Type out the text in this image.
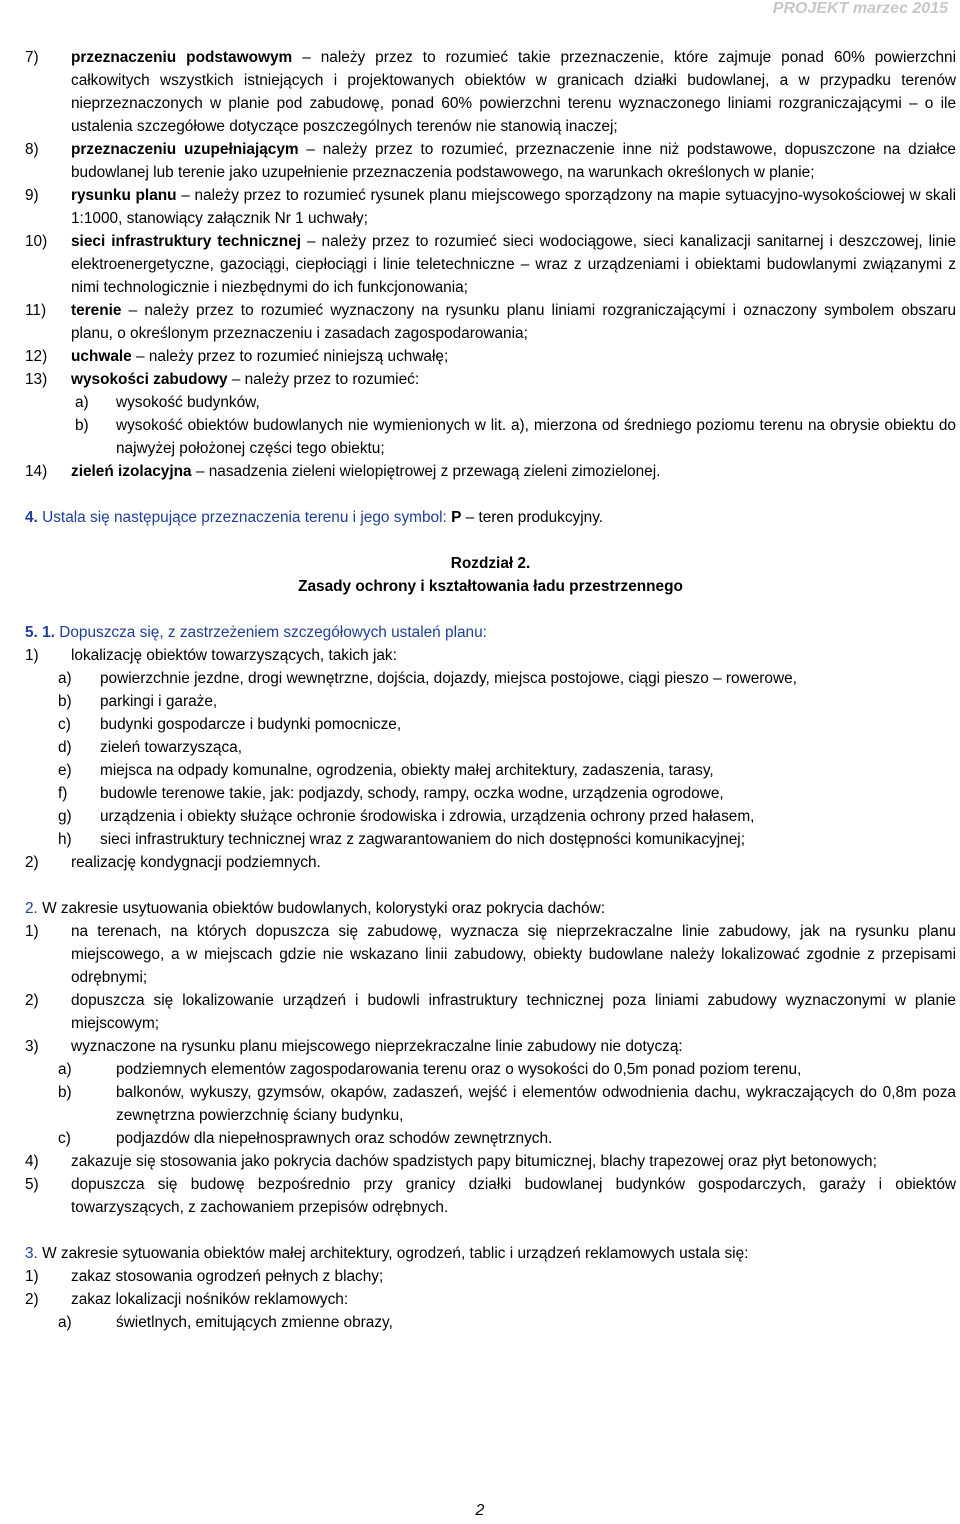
PROJEKT marzec 2015
7) przeznaczeniu podstawowym – należy przez to rozumieć takie przeznaczenie, które zajmuje ponad 60% powierzchni całkowitych wszystkich istniejących i projektowanych obiektów w granicach działki budowlanej, a w przypadku terenów nieprzeznaczonych w planie pod zabudowę, ponad 60% powierzchni terenu wyznaczonego liniami rozgraniczającymi – o ile ustalenia szczegółowe dotyczące poszczególnych terenów nie stanowią inaczej;
8) przeznaczeniu uzupełniającym – należy przez to rozumieć, przeznaczenie inne niż podstawowe, dopuszczone na działce budowlanej lub terenie jako uzupełnienie przeznaczenia podstawowego, na warunkach określonych w planie;
9) rysunku planu – należy przez to rozumieć rysunek planu miejscowego sporządzony na mapie sytuacyjno-wysokościowej w skali 1:1000, stanowiący załącznik Nr 1 uchwały;
10) sieci infrastruktury technicznej – należy przez to rozumieć sieci wodociągowe, sieci kanalizacji sanitarnej i deszczowej, linie elektroenergetyczne, gazociągi, ciepłociągi i linie teletechniczne – wraz z urządzeniami i obiektami budowlanymi związanymi z nimi technologicznie i niezbędnymi do ich funkcjonowania;
11) terenie – należy przez to rozumieć wyznaczony na rysunku planu liniami rozgraniczającymi i oznaczony symbolem obszaru planu, o określonym przeznaczeniu i zasadach zagospodarowania;
12) uchwale – należy przez to rozumieć niniejszą uchwałę;
13) wysokości zabudowy – należy przez to rozumieć:
a) wysokość budynków,
b) wysokość obiektów budowlanych nie wymienionych w lit. a), mierzona od średniego poziomu terenu na obrysie obiektu do najwyżej położonej części tego obiektu;
14) zieleń izolacyjna – nasadzenia zieleni wielopiętrowej z przewagą zieleni zimozielonej.
4. Ustala się następujące przeznaczenia terenu i jego symbol: P – teren produkcyjny.
Rozdział 2.
Zasady ochrony i kształtowania ładu przestrzennego
5. 1. Dopuszcza się, z zastrzeżeniem szczegółowych ustaleń planu:
1) lokalizację obiektów towarzyszących, takich jak:
a) powierzchnie jezdne, drogi wewnętrzne, dojścia, dojazdy, miejsca postojowe, ciągi pieszo – rowerowe,
b) parkingi i garaże,
c) budynki gospodarcze i budynki pomocnicze,
d) zieleń towarzysząca,
e) miejsca na odpady komunalne, ogrodzenia, obiekty małej architektury, zadaszenia, tarasy,
f) budowle terenowe takie, jak: podjazdy, schody, rampy, oczka wodne, urządzenia ogrodowe,
g) urządzenia i obiekty służące ochronie środowiska i zdrowia, urządzenia ochrony przed hałasem,
h) sieci infrastruktury technicznej wraz z zagwarantowaniem do nich dostępności komunikacyjnej;
2) realizację kondygnacji podziemnych.
2. W zakresie usytuowania obiektów budowlanych, kolorystyki oraz pokrycia dachów:
1) na terenach, na których dopuszcza się zabudowę, wyznacza się nieprzekraczalne linie zabudowy, jak na rysunku planu miejscowego, a w miejscach gdzie nie wskazano linii zabudowy, obiekty budowlane należy lokalizować zgodnie z przepisami odrębnymi;
2) dopuszcza się lokalizowanie urządzeń i budowli infrastruktury technicznej poza liniami zabudowy wyznaczonymi w planie miejscowym;
3) wyznaczone na rysunku planu miejscowego nieprzekraczalne linie zabudowy nie dotyczą:
a)	podziemnych elementów zagospodarowania terenu oraz o wysokości do 0,5m ponad poziom terenu,
b)	balkonów, wykuszy, gzymsów, okapów, zadaszeń, wejść i elementów odwodnienia dachu, wykraczających do 0,8m poza zewnętrzna powierzchnię ściany budynku,
c)	podjazdów dla niepełnosprawnych oraz schodów zewnętrznych.
4) zakazuje się stosowania jako pokrycia dachów spadzistych papy bitumicznej, blachy trapezowej oraz płyt betonowych;
5) dopuszcza się budowę bezpośrednio przy granicy działki budowlanej budynków gospodarczych, garaży i obiektów towarzyszących, z zachowaniem przepisów odrębnych.
3. W zakresie sytuowania obiektów małej architektury, ogrodzeń, tablic i urządzeń reklamowych ustala się:
1) zakaz stosowania ogrodzeń pełnych z blachy;
2) zakaz lokalizacji nośników reklamowych:
a)	świetlnych, emitujących zmienne obrazy,
2
